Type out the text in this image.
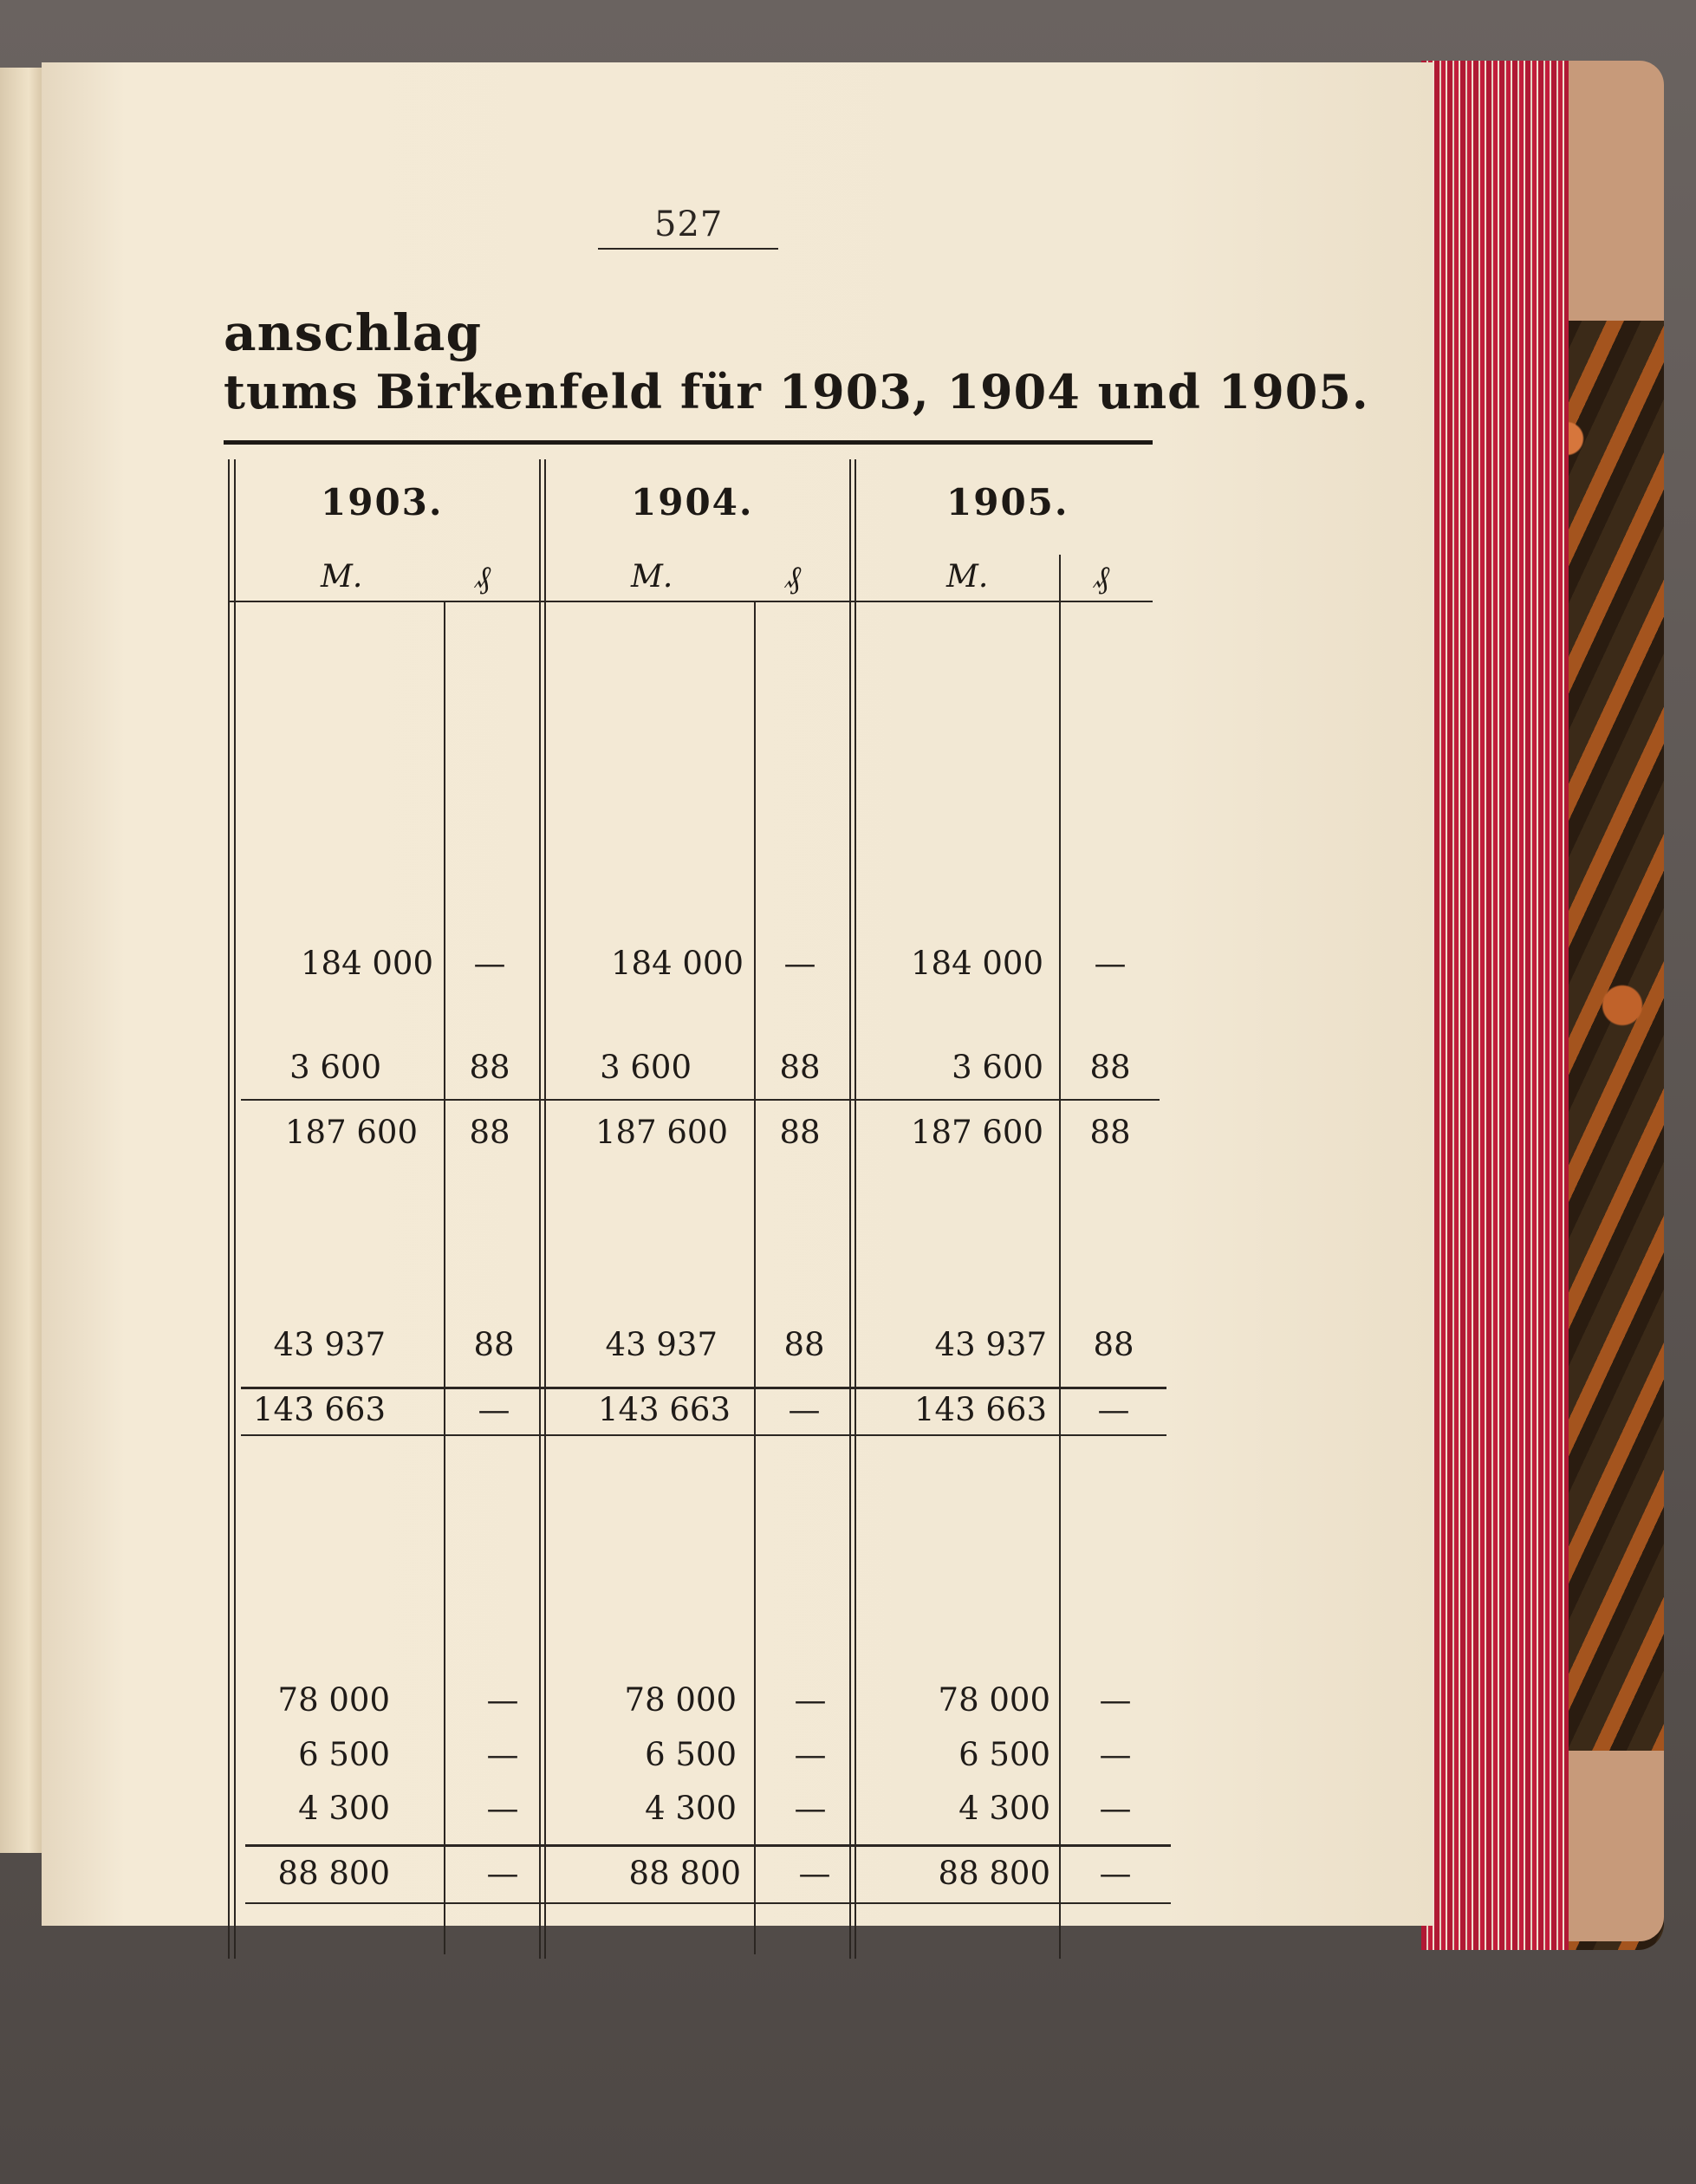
527
anschlag
tums Birkenfeld für 1903, 1904 und 1905.
1903.	1904.	1905.
M.	₰	M.	₰	M.	₰
184 000	—	184 000	—	184 000	—
3 600	88	3 600	88	3 600	88
187 600	88	187 600	88	187 600	88
43 937	88	43 937	88	43 937	88
143 663	—	143 663	—	143 663	—
78 000	—	78 000	—	78 000	—
6 500	—	6 500	—	6 500	—
4 300	—	4 300	—	4 300	—
88 800	—	88 800	—	88 800	—
